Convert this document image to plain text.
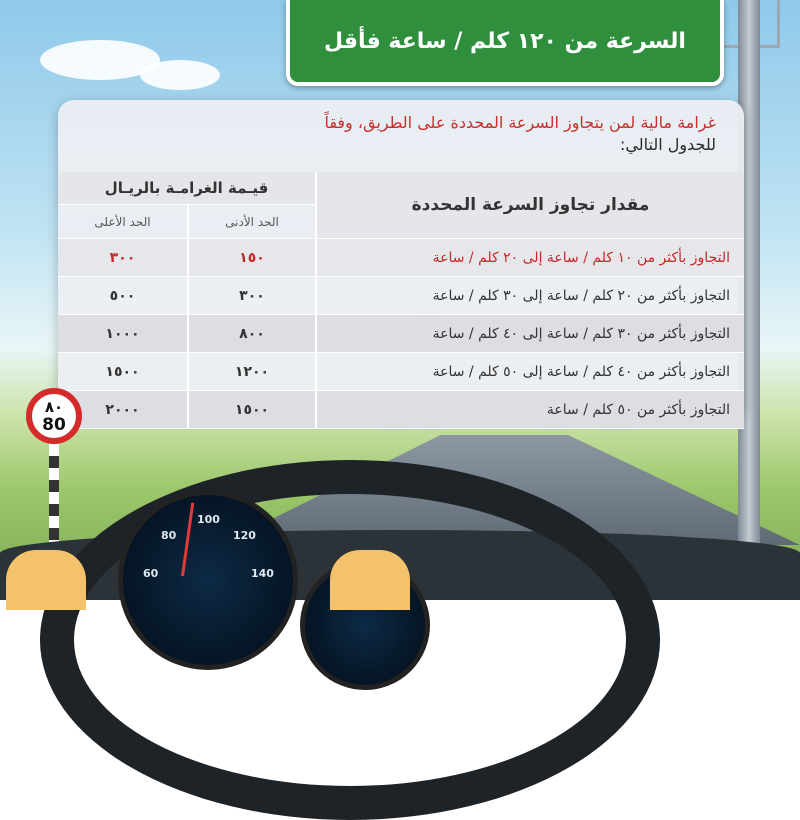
السرعة من ١٢٠ كلم / ساعة فأقل
غرامة مالية لمن يتجاوز السرعة المحددة على الطريق، وفقاً
للجدول التالي:
قيـمة الغرامـة بالريـال		مقدار تجاوز السرعة المحددة
الحد الأعلى	الحد الأدنى	
٣٠٠	١٥٠	التجاوز بأكثر من ١٠ كلم / ساعة إلى ٢٠ كلم / ساعة
٥٠٠	٣٠٠	التجاوز بأكثر من ٢٠ كلم / ساعة إلى ٣٠ كلم / ساعة
١٠٠٠	٨٠٠	التجاوز بأكثر من ٣٠ كلم / ساعة إلى ٤٠ كلم / ساعة
١٥٠٠	١٢٠٠	التجاوز بأكثر من ٤٠ كلم / ساعة إلى ٥٠ كلم / ساعة
٢٠٠٠	١٥٠٠	التجاوز بأكثر من ٥٠ كلم / ساعة
٨٠
80
60
80
100
120
140
